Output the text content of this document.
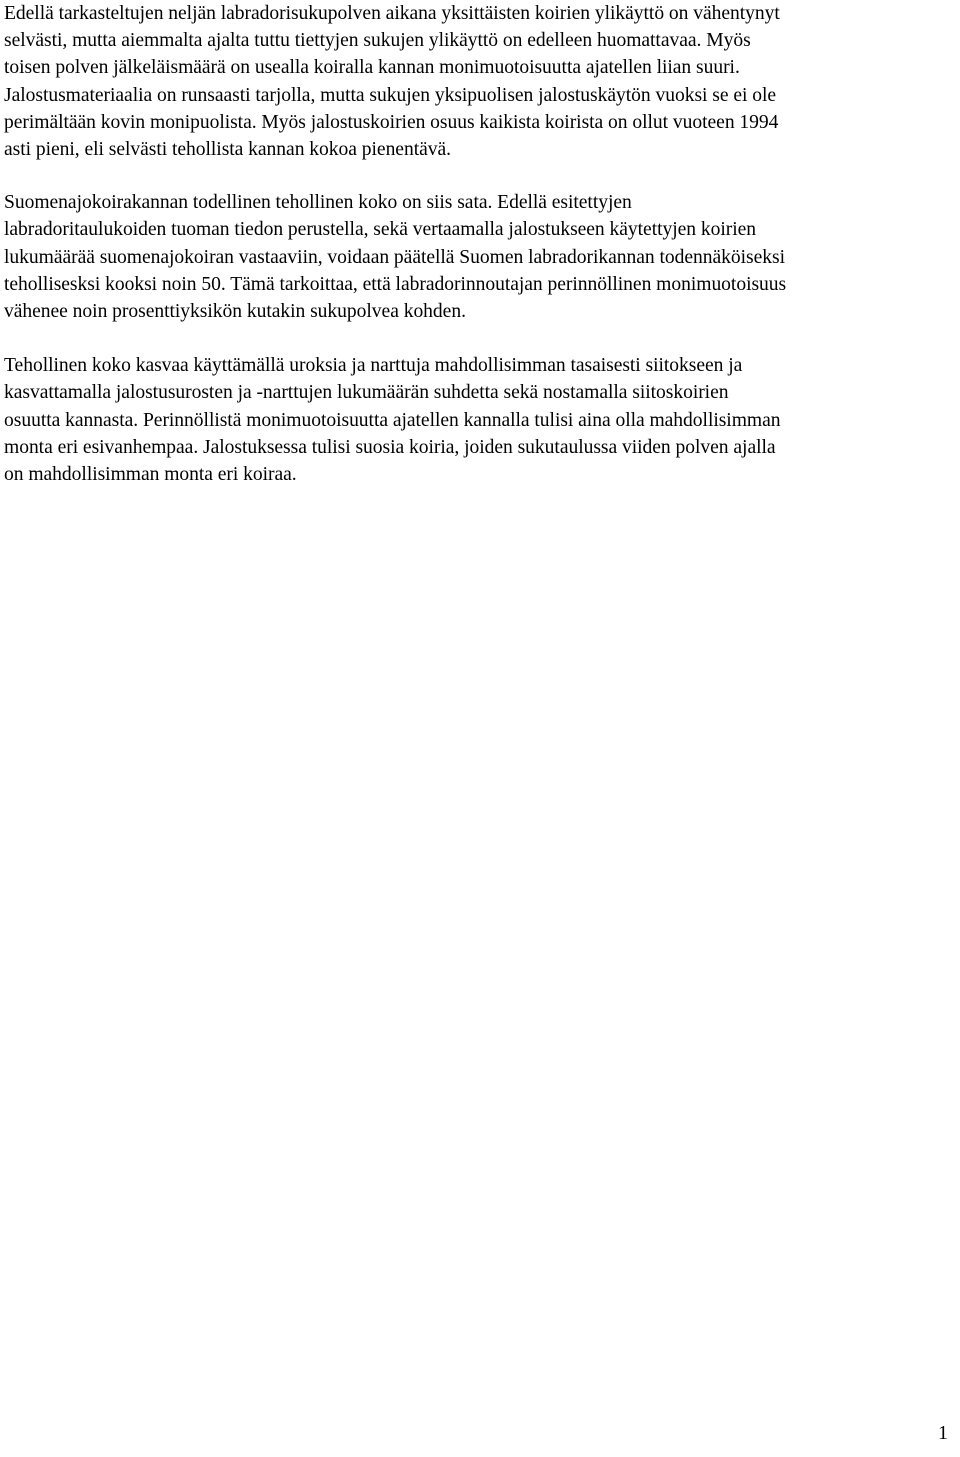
Edellä tarkasteltujen neljän labradorisukupolven aikana yksittäisten koirien ylikäyttö on vähentynyt
selvästi, mutta aiemmalta ajalta tuttu tiettyjen sukujen ylikäyttö on edelleen huomattavaa. Myös
toisen polven jälkeläismäärä on usealla koiralla kannan monimuotoisuutta ajatellen liian suuri.
Jalostusmateriaalia on runsaasti tarjolla, mutta sukujen yksipuolisen jalostuskäytön vuoksi se ei ole
perimältään kovin monipuolista. Myös jalostuskoirien osuus kaikista koirista on ollut vuoteen 1994
asti pieni, eli selvästi tehollista kannan kokoa pienentävä.

Suomenajokoirakannan todellinen tehollinen koko on siis sata. Edellä esitettyjen
labradoritaulukoiden tuoman tiedon perustella, sekä vertaamalla jalostukseen käytettyjen koirien
lukumäärää suomenajokoiran vastaaviin, voidaan päätellä Suomen labradorikannan todennäköiseksi
tehollisesksi kooksi noin 50. Tämä tarkoittaa, että labradorinnoutajan perinnöllinen monimuotoisuus
vähenee noin prosenttiyksikön kutakin sukupolvea kohden.

Tehollinen koko kasvaa käyttämällä uroksia ja narttuja mahdollisimman tasaisesti siitokseen ja
kasvattamalla jalostusurosten ja -narttujen lukumäärän suhdetta sekä nostamalla siitoskoirien
osuutta kannasta. Perinnöllistä monimuotoisuutta ajatellen kannalla tulisi aina olla mahdollisimman
monta eri esivanhempaa. Jalostuksessa tulisi suosia koiria, joiden sukutaulussa viiden polven ajalla
on mahdollisimman monta eri koiraa.

1
